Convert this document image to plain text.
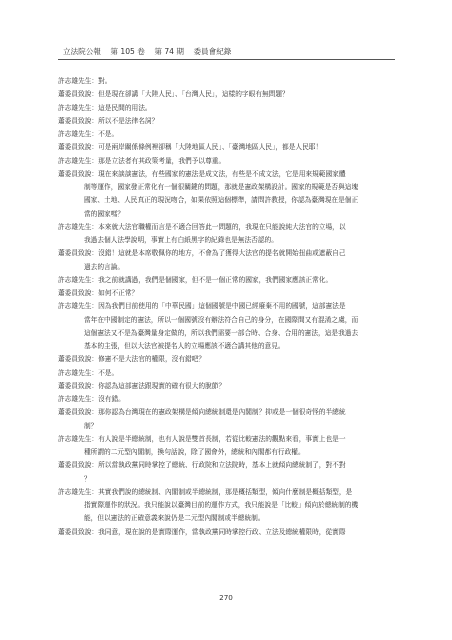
立法院公報 第 105 卷 第 74 期 委員會紀錄
許志雄先生：對。
蕭委員致說：但是現在卻講「大陸人民」、「台灣人民」，這樣的字眼有無問題？
許志雄先生：這是民間的用法。
蕭委員致說：所以不是法律名詞？
許志雄先生：不是。
蕭委員致說：可是兩岸關係條例裡卻稱「大陸地區人民」、「臺灣地區人民」，都是人民耶！
許志雄先生：那是立法者有其政策考量，我們予以尊重。
蕭委員致說：現在來談談憲法，有些國家的憲法是成文法，有些是不成文法，它是用來規範國家體
制等運作，國家發正常化有一個很關鍵的問題，那就是憲政架構設計。國家的規範是否與這塊
國家、土地、人民真正的現況吻合，如果依照這個標準，請問許教授，你認為臺灣現在是個正
當的國家嗎？
許志雄先生：本來就大法官職權而言是不適合回答此一問題的，我現在只能說純大法官的立場，以
我過去個人法學說明，事實上有白紙黑字的紀錄也是無法否認的。
蕭委員致說：沒錯！這就是本席敬佩你的地方，不會為了獲得大法官的提名就開始扭曲或遮蔽自己
過去的言論。
許志雄先生：我之前就講過，我們是個國家，但不是一個正常的國家，我們國家應該正常化。
蕭委員致說：如何不正常？
許志雄先生：因為我們目前使用的「中華民國」這個國號是中國已經廢棄不用的國號，這部憲法是
當年在中國制定的憲法，所以一個國號沒有辦法符合自己的身分，在國際間又有混淆之虞，而
這個憲法又不是為臺灣量身定做的，所以我們需要一部合時、合身、合用的憲法，這是我過去
基本的主張，但以大法官被提名人的立場應該不適合講其他的意見。
蕭委員致說：修憲不是大法官的權限，沒有錯吧？
許志雄先生：不是。
蕭委員致說：你認為這部憲法跟現實的確有很大的脫節？
許志雄先生：沒有錯。
蕭委員致說：那你認為台灣現在的憲政架構是傾向總統制還是內閣制？抑或是一個很奇怪的半總統
制？
許志雄先生：有人說是半總統制，也有人說是雙首長制，若從比較憲法的觀點來看，事實上也是一
種所謂的二元型內閣制，換句話說，除了國會外，總統和內閣都有行政權。
蕭委員致說：所以當執政黨同時掌控了總統、行政院和立法院時，基本上就傾向總統制了，對不對
？
許志雄先生：其實我們說的總統制、內閣制或半總統制，那是概括類型，傾向什麼制是概括類型，是
指實際運作的狀況。我只能說以臺灣目前的運作方式，我只能說是「比較」傾向於總統制的機
能，但以憲法的正確意義來說仍是二元型內閣制或半總統制。
蕭委員致說：我同意，現在說的是實際運作，當執政黨同時掌控行政、立法及總統權限時，從實際
270
